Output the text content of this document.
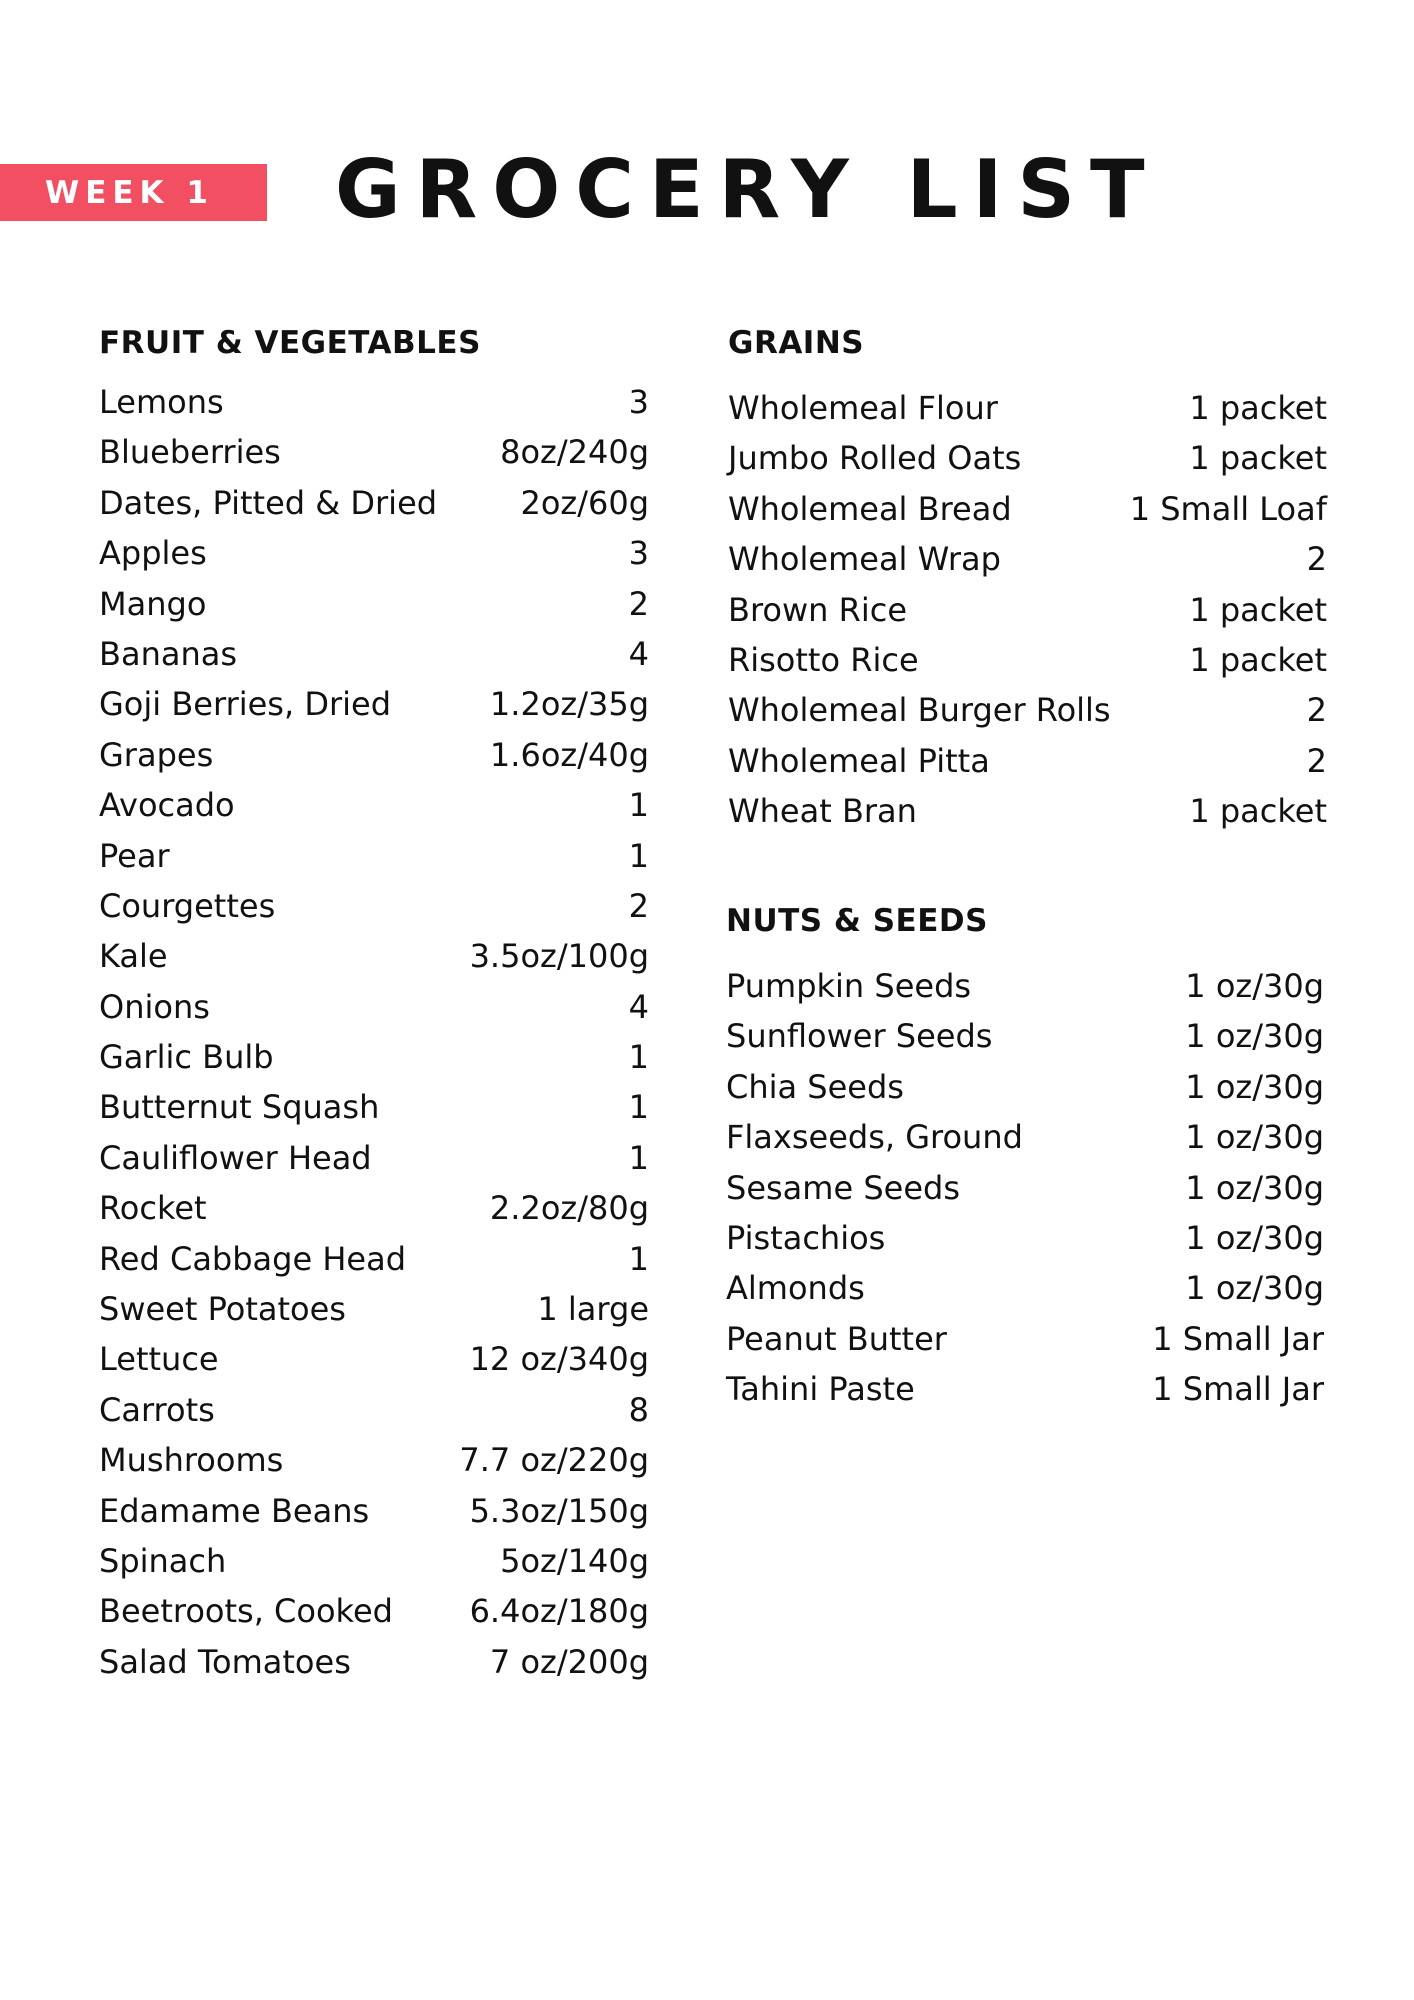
WEEK 1 GROCERY LIST
FRUIT & VEGETABLES
Lemons	3
Blueberries	8oz/240g
Dates, Pitted & Dried	2oz/60g
Apples	3
Mango	2
Bananas	4
Goji Berries, Dried	1.2oz/35g
Grapes	1.6oz/40g
Avocado	1
Pear	1
Courgettes	2
Kale	3.5oz/100g
Onions	4
Garlic Bulb	1
Butternut Squash	1
Cauliflower Head	1
Rocket	2.2oz/80g
Red Cabbage Head	1
Sweet Potatoes	1 large
Lettuce	12 oz/340g
Carrots	8
Mushrooms	7.7 oz/220g
Edamame Beans	5.3oz/150g
Spinach	5oz/140g
Beetroots, Cooked 6.4oz/180g
Salad Tomatoes	7 oz/200g
GRAINS
Wholemeal Flour	1 packet
Jumbo Rolled Oats	1 packet
Wholemeal Bread	1 Small Loaf
Wholemeal Wrap	2
Brown Rice	1 packet
Risotto Rice	1 packet
Wholemeal Burger Rolls	2
Wholemeal Pitta	2
Wheat Bran	1 packet
NUTS & SEEDS
Pumpkin Seeds	1 oz/30g
Sunflower Seeds	1 oz/30g
Chia Seeds	1 oz/30g
Flaxseeds, Ground	1 oz/30g
Sesame Seeds	1 oz/30g
Pistachios	1 oz/30g
Almonds	1 oz/30g
Peanut Butter	1 Small Jar
Tahini Paste	1 Small Jar
